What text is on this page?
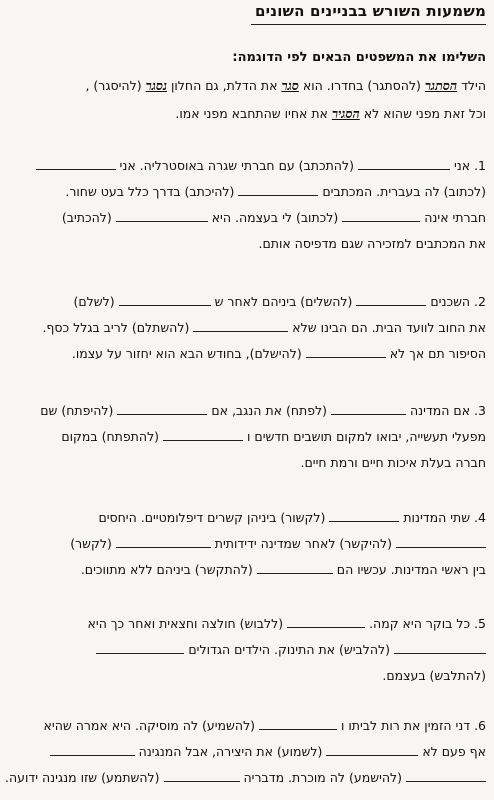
משמעות השורש בבניינים השונים
השלימו את המשפטים הבאים לפי הדוגמה:
הילד הסתגר (להסתגר) בחדרו. הוא סגר את הדלת, גם החלון נסגר (להיסגר) ,
וכל זאת מפני שהוא לא הסגיר את אחיו שהתחבא מפני אמו.
1. אני  (להתכתב) עם חברתי שגרה באוסטרליה. אני
(לכתוב) לה בעברית. המכתבים  (להיכתב) בדרך כלל בעט שחור.
חברתי אינה  (לכתוב) לי בעצמה. היא  (להכתיב)
את המכתבים למזכירה שגם מדפיסה אותם.
2. השכנים  (להשלים) ביניהם לאחר ש  (לשלם)
את החוב לוועד הבית. הם הבינו שלא  (להשתלם) לריב בגלל כסף.
הסיפור תם אך לא  (להישלם), בחודש הבא הוא יחזור על עצמו.
3. אם המדינה  (לפתח) את הנגב, אם  (להיפתח) שם
מפעלי תעשייה, יבואו למקום תושבים חדשים ו  (להתפתח) במקום
חברה בעלת איכות חיים ורמת חיים.
4. שתי המדינות  (לקשור) ביניהן קשרים דיפלומטיים. היחסים
(להיקשר) לאחר שמדינה ידידותית  (לקשר)
בין ראשי המדינות. עכשיו הם  (להתקשר) ביניהם ללא מתווכים.
5. כל בוקר היא קמה.  (ללבוש) חולצה וחצאית ואחר כך היא
(להלביש) את התינוק. הילדים הגדולים
(להתלבש) בעצמם.
6. דני הזמין את רות לביתו ו  (להשמיע) לה מוסיקה. היא אמרה שהיא
אף פעם לא  (לשמוע) את היצירה, אבל המנגינה
(להישמע) לה מוכרת. מדבריה  (להשתמע) שזו מנגינה ידועה.
